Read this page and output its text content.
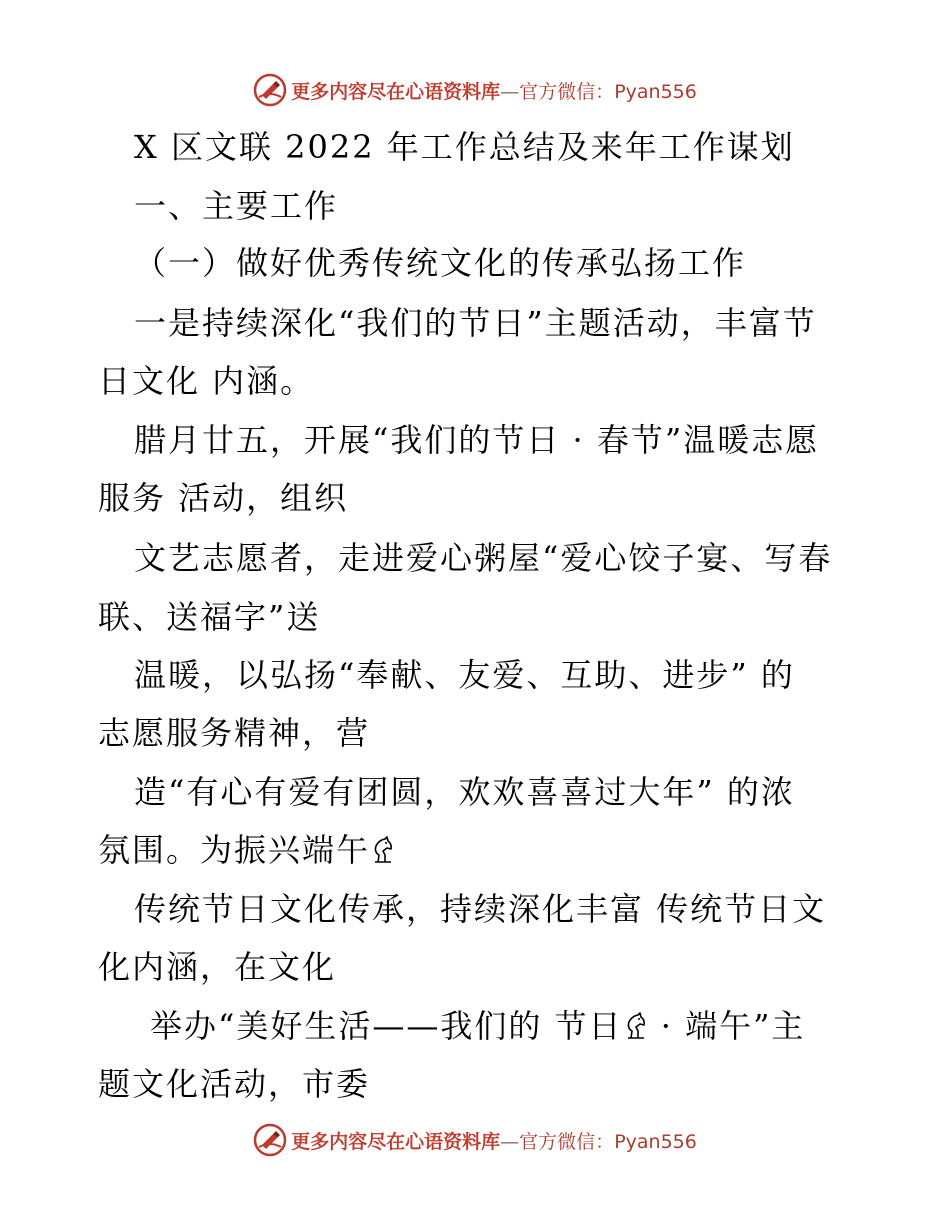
更多内容尽在心语资料库—官方微信：Pyan556
X 区文联 2022 年工作总结及来年工作谋划
一、主要工作
（一）做好优秀传统文化的传承弘扬工作
一是持续深化“我们的节日”主题活动，丰富节
日文化 内涵。
腊月廿五，开展“我们的节日 · 春节”温暖志愿
服务 活动，组织
文艺志愿者，走进爱心粥屋“爱心饺子宴、写春
联、送福字”送
温暖，以弘扬“奉献、友爱、互助、进步” 的
志愿服务精神，营
造“有心有爱有团圆，欢欢喜喜过大年” 的浓
氛围。为振兴端午
传统节日文化传承，持续深化丰富 传统节日文
化内涵，在文化
举办“美好生活——我们的 节日 · 端午”主
题文化活动，市委
更多内容尽在心语资料库—官方微信：Pyan556
